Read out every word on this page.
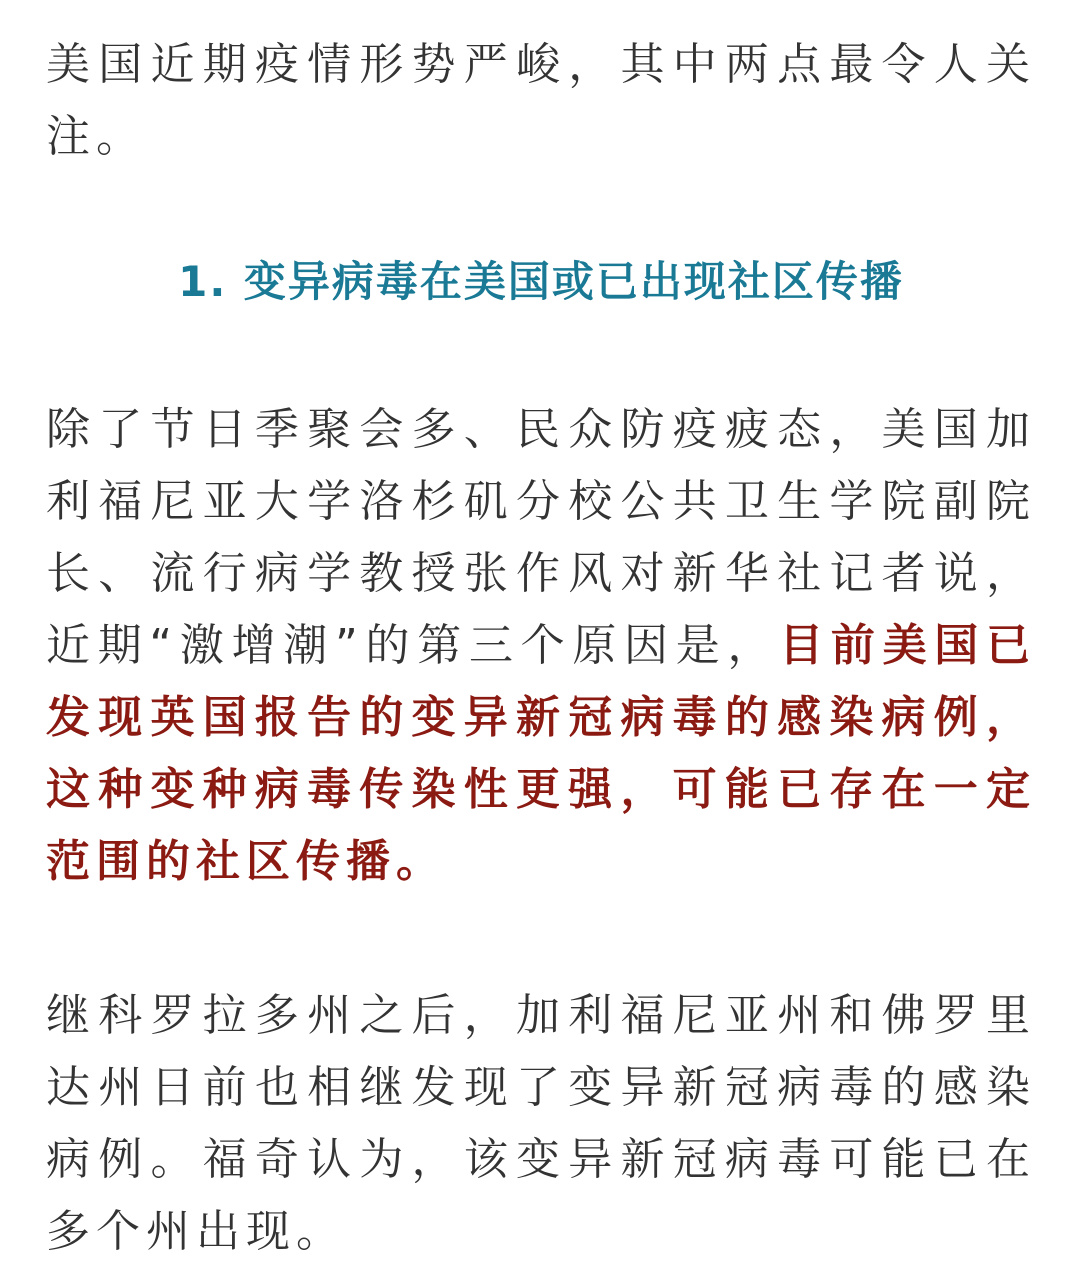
美国近期疫情形势严峻，其中两点最令人关注。

1. 变异病毒在美国或已出现社区传播

除了节日季聚会多、民众防疫疲态，美国加利福尼亚大学洛杉矶分校公共卫生学院副院长、流行病学教授张作风对新华社记者说，近期“激增潮”的第三个原因是，目前美国已发现英国报告的变异新冠病毒的感染病例，这种变种病毒传染性更强，可能已存在一定范围的社区传播。

继科罗拉多州之后，加利福尼亚州和佛罗里达州日前也相继发现了变异新冠病毒的感染病例。福奇认为，该变异新冠病毒可能已在多个州出现。
